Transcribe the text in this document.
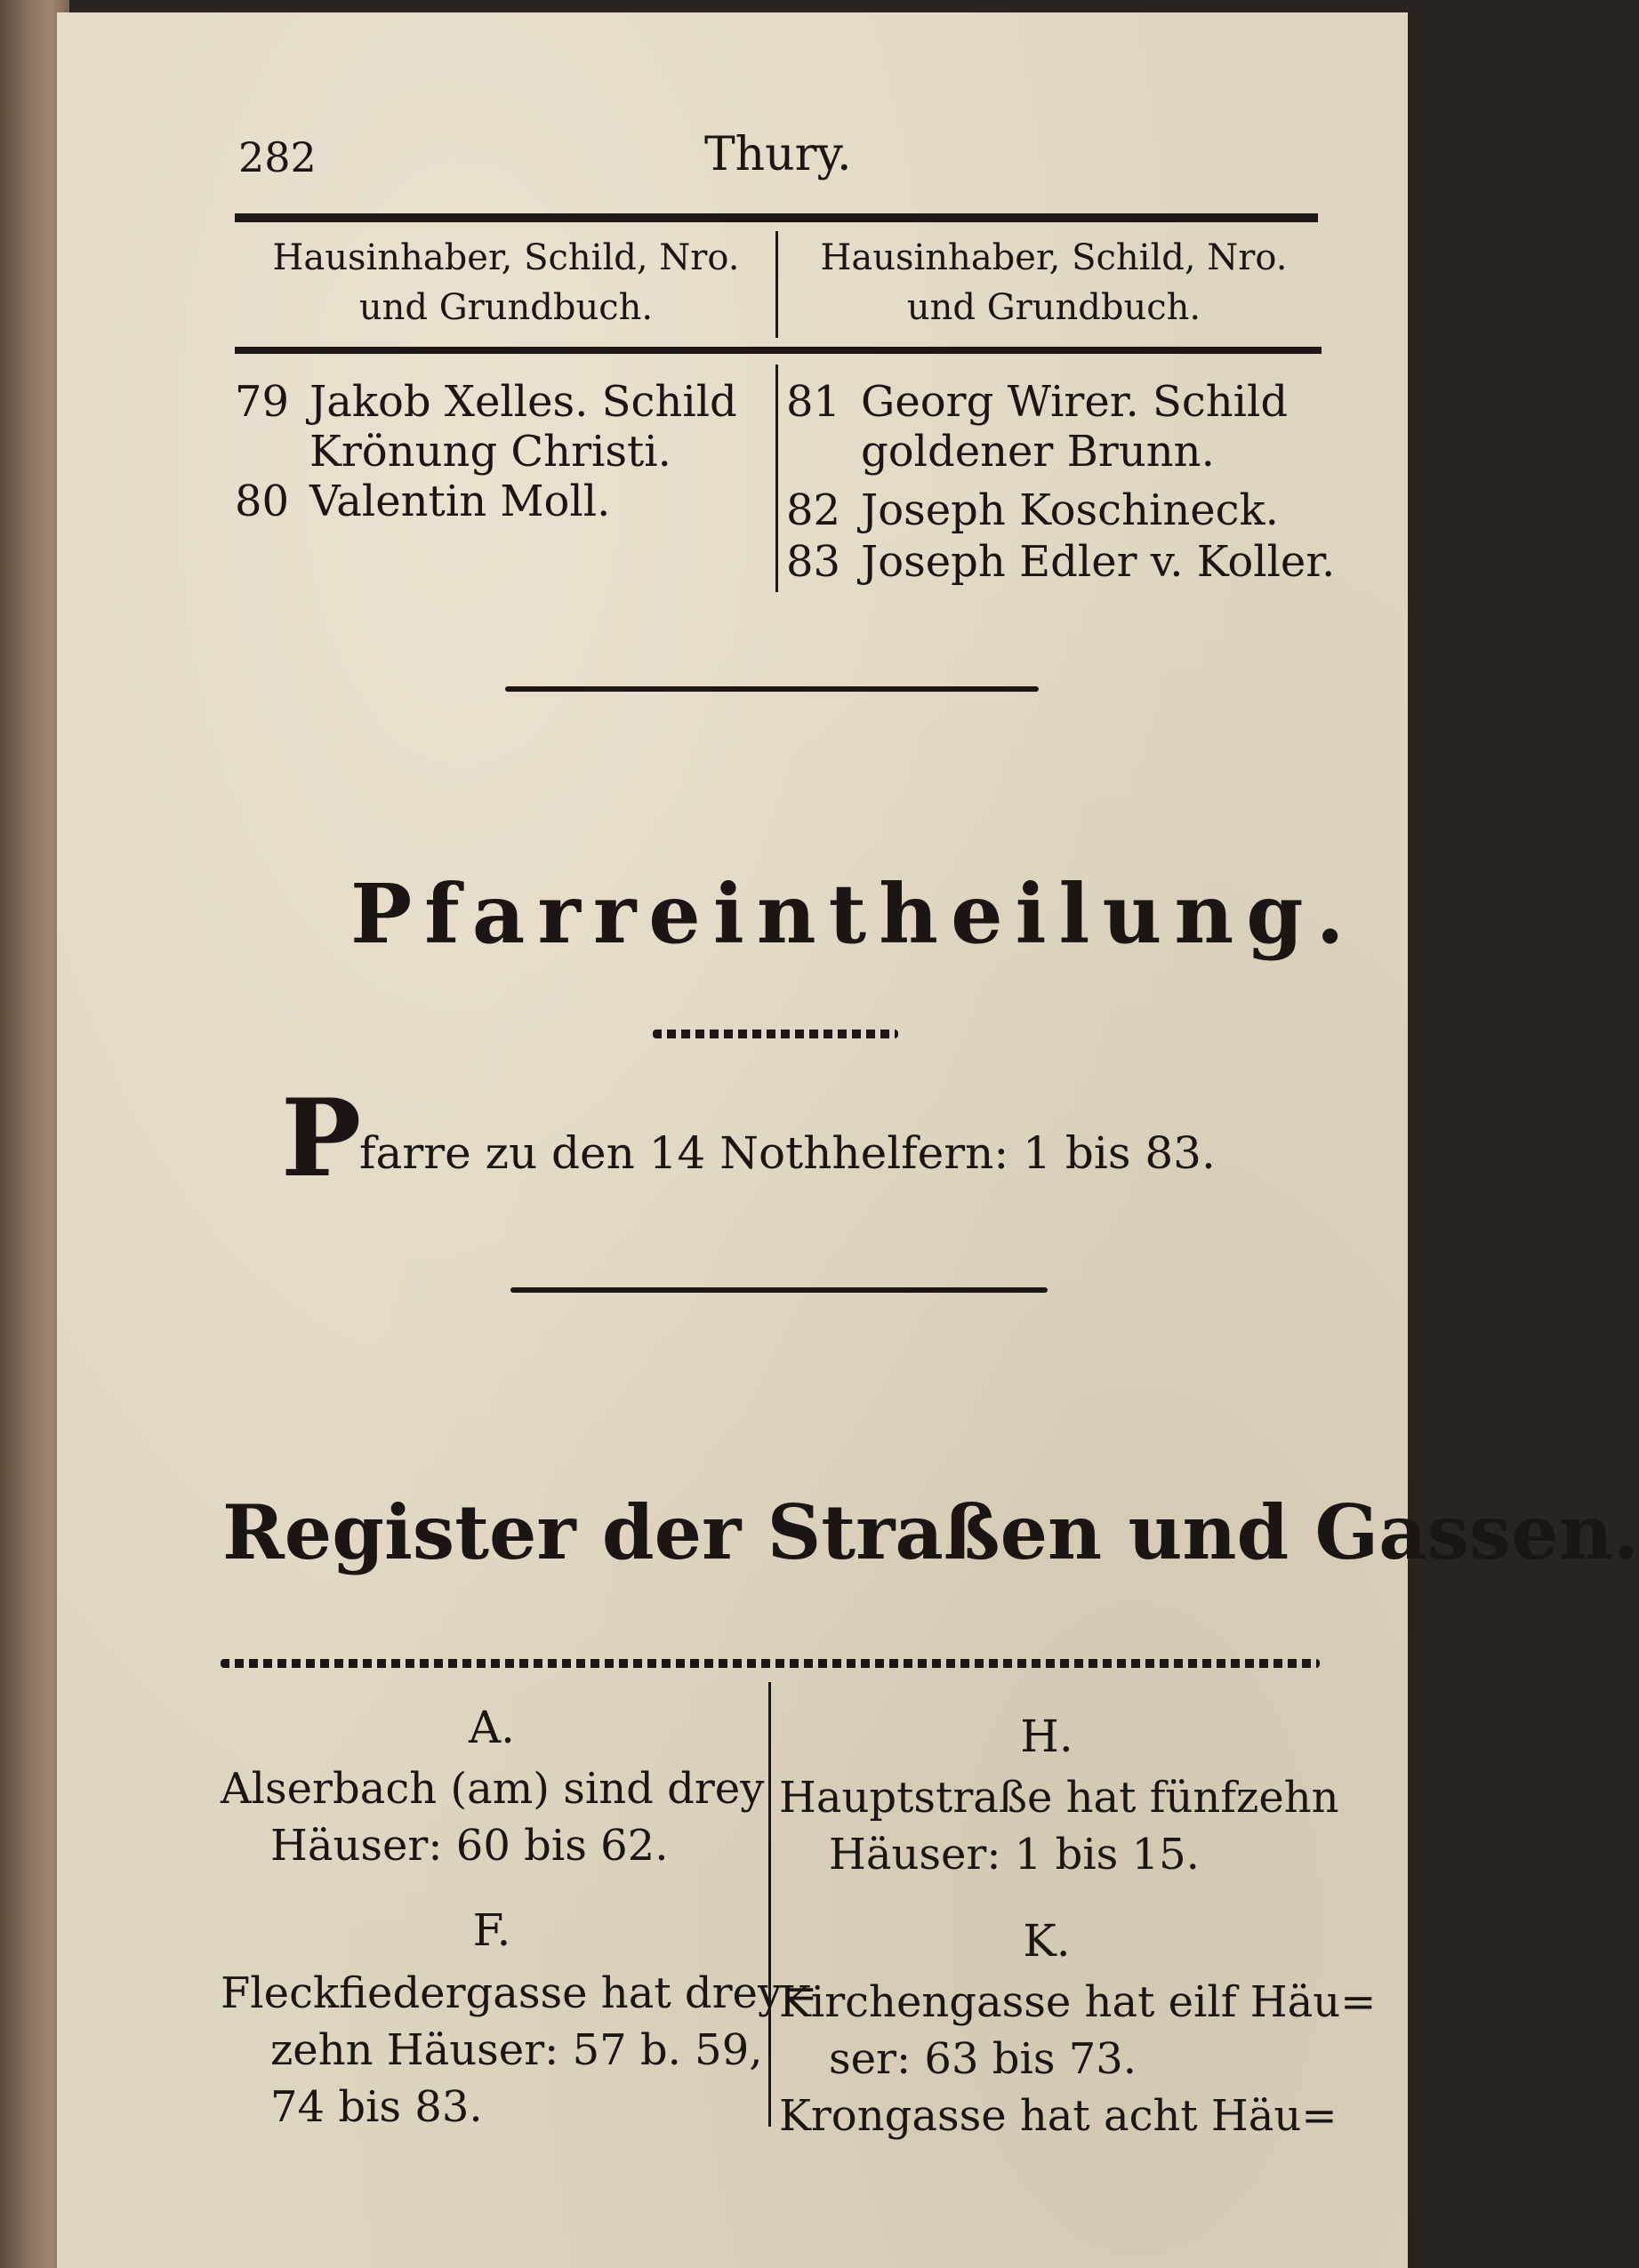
282	Thury.
Hausinhaber, Schild, Nro.
und Grundbuch.
Hausinhaber, Schild, Nro.
und Grundbuch.
79 Jakob Xelles. Schild
Krönung Christi.
80 Valentin Moll.
81 Georg Wirer. Schild
goldener Brunn.
82 Joseph Koschineck.
83 Joseph Edler v. Koller.
Pfarreintheilung.
P
farre zu den 14 Nothhelfern: 1 bis 83.
Register der Straßen und Gassen.
A.
Alserbach (am) sind drey
Häuser: 60 bis 62.
F.
Fleckfiedergasse hat drey=
zehn Häuser: 57 b. 59,
74 bis 83.
H.
Hauptstraße hat fünfzehn
Häuser: 1 bis 15.
K.
Kirchengasse hat eilf Häu=
ser: 63 bis 73.
Krongasse hat acht Häu=
